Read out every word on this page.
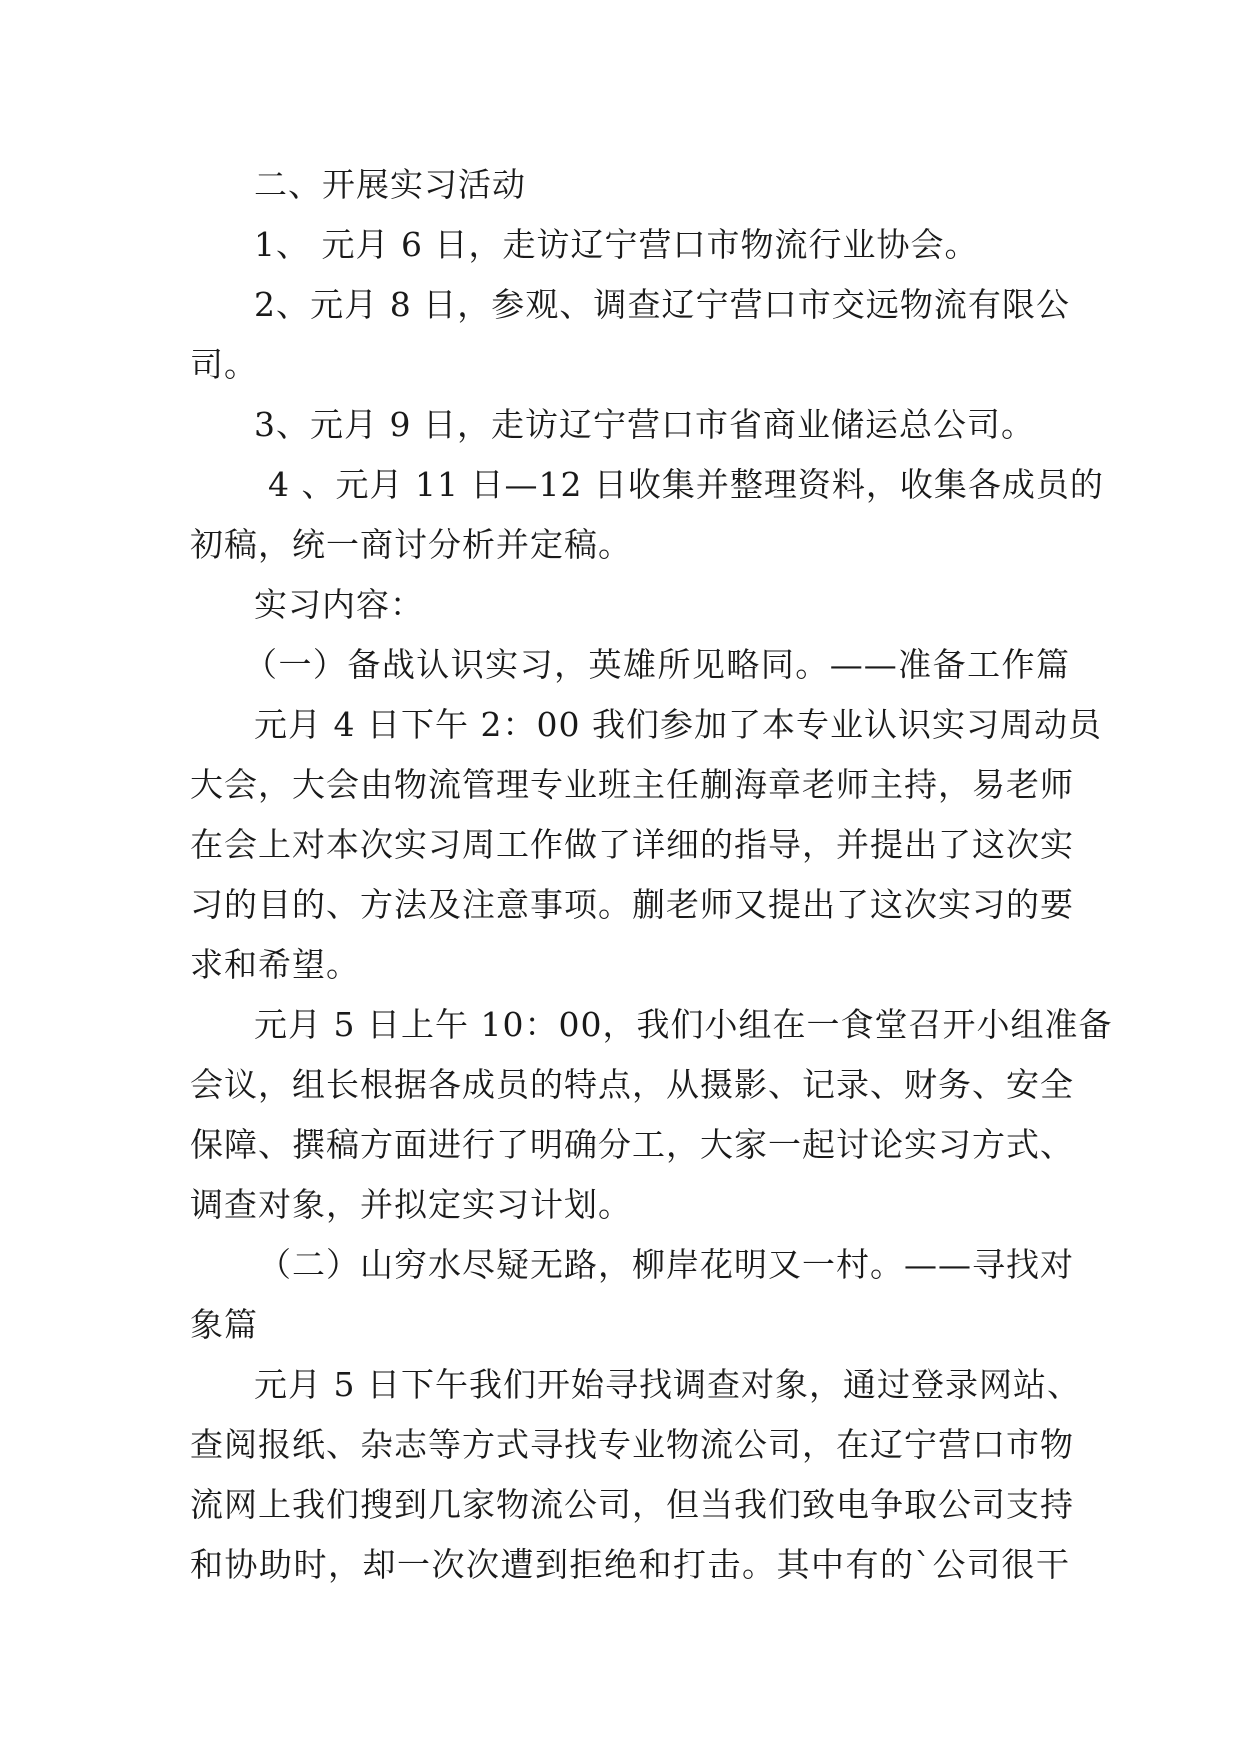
二、开展实习活动
1、 元月 6 日，走访辽宁营口市物流行业协会。
2、元月 8 日，参观、调查辽宁营口市交远物流有限公
司。
3、元月 9 日，走访辽宁营口市省商业储运总公司。
4 、元月 11 日—12 日收集并整理资料，收集各成员的
初稿，统一商讨分析并定稿。
实习内容：
（一）备战认识实习，英雄所见略同。——准备工作篇
元月 4 日下午 2：00 我们参加了本专业认识实习周动员
大会，大会由物流管理专业班主任蒯海章老师主持，易老师
在会上对本次实习周工作做了详细的指导，并提出了这次实
习的目的、方法及注意事项。蒯老师又提出了这次实习的要
求和希望。
元月 5 日上午 10：00，我们小组在一食堂召开小组准备
会议，组长根据各成员的特点，从摄影、记录、财务、安全
保障、撰稿方面进行了明确分工，大家一起讨论实习方式、
调查对象，并拟定实习计划。
（二）山穷水尽疑无路，柳岸花明又一村。——寻找对
象篇
元月 5 日下午我们开始寻找调查对象，通过登录网站、
查阅报纸、杂志等方式寻找专业物流公司，在辽宁营口市物
流网上我们搜到几家物流公司，但当我们致电争取公司支持
和协助时，却一次次遭到拒绝和打击。其中有的`公司很干
